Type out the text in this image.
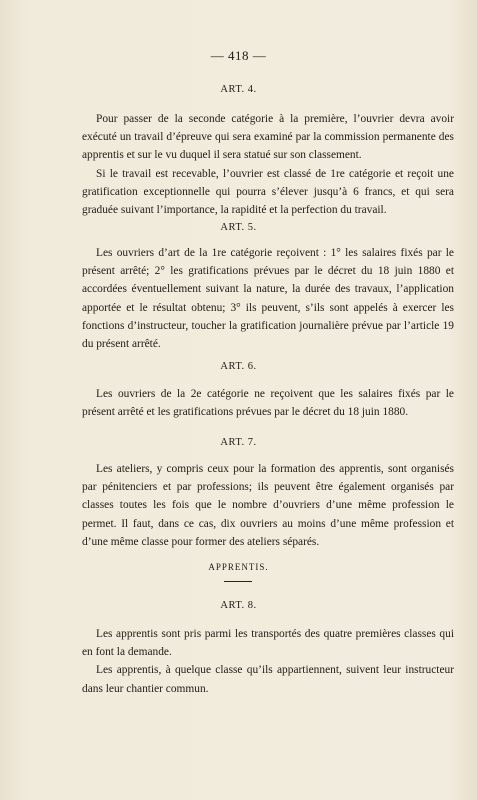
— 418 —
ART. 4.

Pour passer de la seconde catégorie à la première, l’ouvrier devra avoir exécuté un travail d’épreuve qui sera examiné par la commission permanente des apprentis et sur le vu duquel il sera statué sur son classement.

Si le travail est recevable, l’ouvrier est classé de 1re catégorie et reçoit une gratification exceptionnelle qui pourra s’élever jusqu’à 6 francs, et qui sera graduée suivant l’importance, la rapidité et la perfection du travail.

ART. 5.

Les ouvriers d’art de la 1re catégorie reçoivent : 1° les salaires fixés par le présent arrêté; 2° les gratifications prévues par le décret du 18 juin 1880 et accordées éventuellement suivant la nature, la durée des travaux, l’application apportée et le résultat obtenu; 3° ils peuvent, s’ils sont appelés à exercer les fonctions d’instructeur, toucher la gratification journalière prévue par l’article 19 du présent arrêté.

ART. 6.

Les ouvriers de la 2e catégorie ne reçoivent que les salaires fixés par le présent arrêté et les gratifications prévues par le décret du 18 juin 1880.

ART. 7.

Les ateliers, y compris ceux pour la formation des apprentis, sont organisés par pénitenciers et par professions; ils peuvent être également organisés par classes toutes les fois que le nombre d’ouvriers d’une même profession le permet. Il faut, dans ce cas, dix ouvriers au moins d’une même profession et d’une même classe pour former des ateliers séparés.

APPRENTIS.
ART. 8.

Les apprentis sont pris parmi les transportés des quatre premières classes qui en font la demande.

Les apprentis, à quelque classe qu’ils appartiennent, suivent leur instructeur dans leur chantier commun.
